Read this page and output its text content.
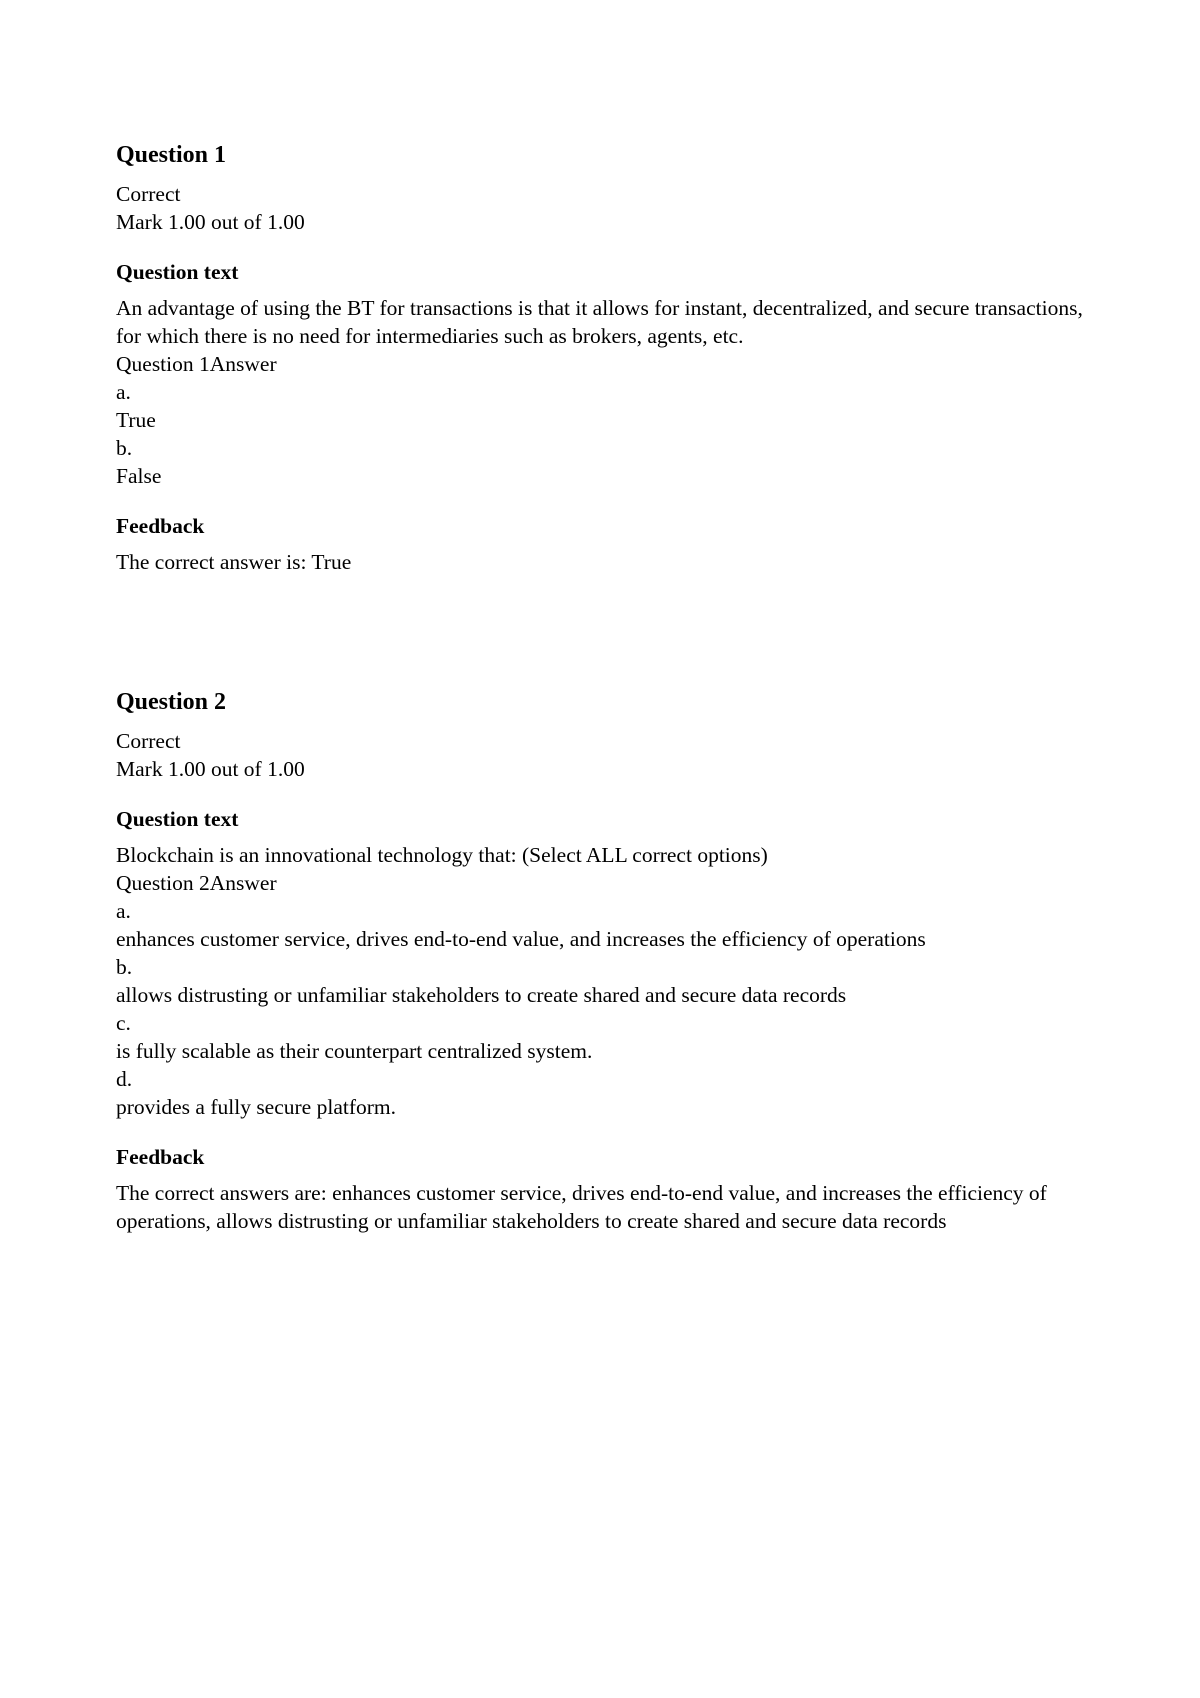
Question 1

Correct

Mark 1.00 out of 1.00

Question text

An advantage of using the BT for transactions is that it allows for instant, decentralized, and secure transactions, for which there is no need for intermediaries such as brokers, agents, etc.

Question 1Answer

a.

True

b.

False

Feedback

The correct answer is: True

Question 2

Correct

Mark 1.00 out of 1.00

Question text

Blockchain is an innovational technology that: (Select ALL correct options)

Question 2Answer

a.

enhances customer service, drives end-to-end value, and increases the efficiency of operations

b.

allows distrusting or unfamiliar stakeholders to create shared and secure data records

c.

is fully scalable as their counterpart centralized system.

d.

provides a fully secure platform.

Feedback

The correct answers are: enhances customer service, drives end-to-end value, and increases the efficiency of operations, allows distrusting or unfamiliar stakeholders to create shared and secure data records
